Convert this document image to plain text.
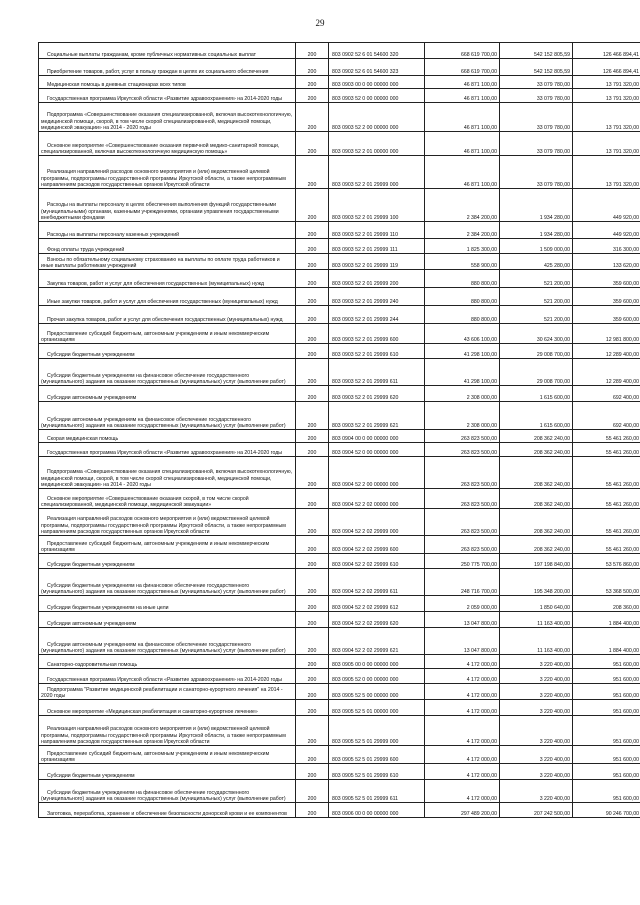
29
Социальные выплаты гражданам, кроме публичных нормативных социальных выплат	200	803 0902 52 6 01 54600 320	668 619 700,00	542 152 805,59	126 466 894,41

Приобретение товаров, работ, услуг в пользу граждан в целях их социального обеспечения	200	803 0902 52 6 01 54600 323	668 619 700,00	542 152 805,59	126 466 894,41

Медицинская помощь в дневных стационарах всех типов	200	803 0903 00 0 00 00000 000	46 871 100,00	33 079 780,00	13 791 320,00

Государственная программа Иркутской области «Развитие здравоохранения» на 2014-2020 годы	200	803 0903 52 0 00 00000 000	46 871 100,00	33 079 780,00	13 791 320,00

Подпрограмма «Совершенствование оказания специализированной, включая высокотехнологичную, медицинской помощи, скорой, в том числе скорой специализированной, медицинской помощи, медицинской эвакуации» на 2014 - 2020 годы	200	803 0903 52 2 00 00000 000	46 871 100,00	33 079 780,00	13 791 320,00

Основное мероприятие «Совершенствование оказания первичной медико-санитарной помощи, специализированной, включая высокотехнологичную медицинскую помощь»	200	803 0903 52 2 01 00000 000	46 871 100,00	33 079 780,00	13 791 320,00

Реализация направлений расходов основного мероприятия и (или) ведомственной целевой программы, подпрограммы государственной программы Иркутской области, а также непрограммным направлениям расходов государственных органов Иркутской области	200	803 0903 52 2 01 29999 000	46 871 100,00	33 079 780,00	13 791 320,00

Расходы на выплаты персоналу в целях обеспечения выполнения функций государственными (муниципальными) органами, казенными учреждениями, органами управления государственными внебюджетными фондами	200	803 0903 52 2 01 29999 100	2 384 200,00	1 934 280,00	449 920,00

Расходы на выплаты персоналу казенных учреждений	200	803 0903 52 2 01 29999 110	2 384 200,00	1 934 280,00	449 920,00

Фонд оплаты труда учреждений	200	803 0903 52 2 01 29999 111	1 825 300,00	1 509 000,00	316 300,00

Взносы по обязательному социальному страхованию на выплаты по оплате труда работников и иные выплаты работникам учреждений	200	803 0903 52 2 01 29999 119	558 900,00	425 280,00	133 620,00

Закупка товаров, работ и услуг для обеспечения государственных (муниципальных) нужд	200	803 0903 52 2 01 29999 200	880 800,00	521 200,00	359 600,00

Иные закупки товаров, работ и услуг для обеспечения государственных (муниципальных) нужд	200	803 0903 52 2 01 29999 240	880 800,00	521 200,00	359 600,00

Прочая закупка товаров, работ и услуг для обеспечения государственных (муниципальных) нужд	200	803 0903 52 2 01 29999 244	880 800,00	521 200,00	359 600,00

Предоставление субсидий бюджетным, автономным учреждениям и иным некоммерческим организациям	200	803 0903 52 2 01 29999 600	43 606 100,00	30 624 300,00	12 981 800,00

Субсидии бюджетным учреждениям	200	803 0903 52 2 01 29999 610	41 298 100,00	29 008 700,00	12 289 400,00

Субсидии бюджетным учреждениям на финансовое обеспечение государственного (муниципального) задания на оказание государственных (муниципальных) услуг (выполнение работ)	200	803 0903 52 2 01 29999 611	41 298 100,00	29 008 700,00	12 289 400,00

Субсидии автономным учреждениям	200	803 0903 52 2 01 29999 620	2 308 000,00	1 615 600,00	692 400,00

Субсидии автономным учреждениям на финансовое обеспечение государственного (муниципального) задания на оказание государственных (муниципальных) услуг (выполнение работ)	200	803 0903 52 2 01 29999 621	2 308 000,00	1 615 600,00	692 400,00

Скорая медицинская помощь	200	803 0904 00 0 00 00000 000	263 823 500,00	208 362 240,00	55 461 260,00

Государственная программа Иркутской области «Развитие здравоохранения» на 2014-2020 годы	200	803 0904 52 0 00 00000 000	263 823 500,00	208 362 240,00	55 461 260,00

Подпрограмма «Совершенствование оказания специализированной, включая высокотехнологичную, медицинской помощи, скорой, в том числе скорой специализированной, медицинской помощи, медицинской эвакуации» на 2014 - 2020 годы	200	803 0904 52 2 00 00000 000	263 823 500,00	208 362 240,00	55 461 260,00

Основное мероприятие «Совершенствование оказания скорой, в том числе скорой специализированной, медицинской помощи, медицинской эвакуации»	200	803 0904 52 2 02 00000 000	263 823 500,00	208 362 240,00	55 461 260,00

Реализация направлений расходов основного мероприятия и (или) ведомственной целевой программы, подпрограммы государственной программы Иркутской области, а также непрограммным направлениям расходов государственных органов Иркутской области	200	803 0904 52 2 02 29999 000	263 823 500,00	208 362 240,00	55 461 260,00

Предоставление субсидий бюджетным, автономным учреждениям и иным некоммерческим организациям	200	803 0904 52 2 02 29999 600	263 823 500,00	208 362 240,00	55 461 260,00

Субсидии бюджетным учреждениям	200	803 0904 52 2 02 29999 610	250 775 700,00	197 198 840,00	53 576 860,00

Субсидии бюджетным учреждениям на финансовое обеспечение государственного (муниципального) задания на оказание государственных (муниципальных) услуг (выполнение работ)	200	803 0904 52 2 02 29999 611	248 716 700,00	195 348 200,00	53 368 500,00

Субсидии бюджетным учреждениям на иные цели	200	803 0904 52 2 02 29999 612	2 059 000,00	1 850 640,00	208 360,00

Субсидии автономным учреждениям	200	803 0904 52 2 02 29999 620	13 047 800,00	11 163 400,00	1 884 400,00

Субсидии автономным учреждениям на финансовое обеспечение государственного (муниципального) задания на оказание государственных (муниципальных) услуг (выполнение работ)	200	803 0904 52 2 02 29999 621	13 047 800,00	11 163 400,00	1 884 400,00

Санаторно-оздоровительная помощь	200	803 0905 00 0 00 00000 000	4 172 000,00	3 220 400,00	951 600,00

Государственная программа Иркутской области «Развитие здравоохранения» на 2014-2020 годы	200	803 0905 52 0 00 00000 000	4 172 000,00	3 220 400,00	951 600,00

Подпрограмма "Развитие медицинской реабилитации и санаторно-курортного лечения" на 2014 - 2020 годы	200	803 0905 52 5 00 00000 000	4 172 000,00	3 220 400,00	951 600,00

Основное мероприятие «Медицинская реабилитация и санаторно-курортное лечение»	200	803 0905 52 5 01 00000 000	4 172 000,00	3 220 400,00	951 600,00

Реализация направлений расходов основного мероприятия и (или) ведомственной целевой программы, подпрограммы государственной программы Иркутской области, а также непрограммным направлениям расходов государственных органов Иркутской области	200	803 0905 52 5 01 29999 000	4 172 000,00	3 220 400,00	951 600,00

Предоставление субсидий бюджетным, автономным учреждениям и иным некоммерческим организациям	200	803 0905 52 5 01 29999 600	4 172 000,00	3 220 400,00	951 600,00

Субсидии бюджетным учреждениям	200	803 0905 52 5 01 29999 610	4 172 000,00	3 220 400,00	951 600,00

Субсидии бюджетным учреждениям на финансовое обеспечение государственного (муниципального) задания на оказание государственных (муниципальных) услуг (выполнение работ)	200	803 0905 52 5 01 29999 611	4 172 000,00	3 220 400,00	951 600,00

Заготовка, переработка, хранение и обеспечение безопасности донорской крови и ее компонентов	200	803 0906 00 0 00 00000 000	297 489 200,00	207 242 500,00	90 246 700,00
